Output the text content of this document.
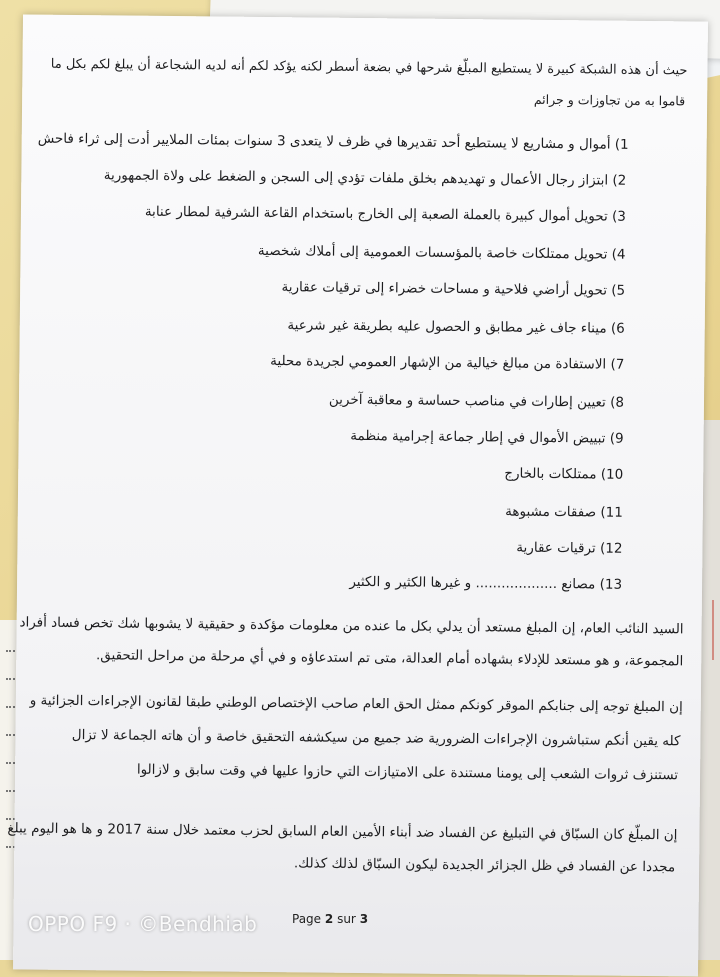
حيث أن هذه الشبكة كبيرة لا يستطيع المبلّغ شرحها في بضعة أسطر لكنه يؤكد لكم أنه لديه الشجاعة أن يبلغ لكم بكل ما
قاموا به من تجاوزات و جرائم
1) أموال و مشاريع لا يستطيع أحد تقديرها في ظرف لا يتعدى 3 سنوات بمئات الملايير أدت إلى ثراء فاحش
2) ابتزاز رجال الأعمال و تهديدهم بخلق ملفات تؤدي إلى السجن و الضغط على ولاة الجمهورية
3) تحويل أموال كبيرة بالعملة الصعبة إلى الخارج باستخدام القاعة الشرفية لمطار عنابة
4) تحويل ممتلكات خاصة بالمؤسسات العمومية إلى أملاك شخصية
5) تحويل أراضي فلاحية و مساحات خضراء إلى ترقيات عقارية
6) ميناء جاف غير مطابق و الحصول عليه بطريقة غير شرعية
7) الاستفادة من مبالغ خيالية من الإشهار العمومي لجريدة محلية
8) تعيين إطارات في مناصب حساسة و معاقبة آخرين
9) تبييض الأموال في إطار جماعة إجرامية منظمة
10) ممتلكات بالخارج
11) صفقات مشبوهة
12) ترقيات عقارية
13) مصانع ................... و غيرها الكثير و الكثير
السيد النائب العام، إن المبلغ مستعد أن يدلي بكل ما عنده من معلومات مؤكدة و حقيقية لا يشوبها شك تخص فساد أفراد
المجموعة، و هو مستعد للإدلاء بشهاده أمام العدالة، متى تم استدعاؤه و في أي مرحلة من مراحل التحقيق.
إن المبلغ توجه إلى جنابكم الموقر كونكم ممثل الحق العام صاحب الإختصاص الوطني طبقا لقانون الإجراءات الجزائية و
كله يقين أنكم ستباشرون الإجراءات الضرورية ضد جميع من سيكشفه التحقيق خاصة و أن هاته الجماعة لا تزال
تستنزف ثروات الشعب إلى يومنا مستندة على الامتيازات التي حازوا عليها في وقت سابق و لازالوا
إن المبلّغ كان السبّاق في التبليغ عن الفساد ضد أبناء الأمين العام السابق لحزب معتمد خلال سنة 2017 و ها هو اليوم يبلغ
مجددا عن الفساد في ظل الجزائر الجديدة ليكون السبّاق لذلك كذلك.
Page 2 sur 3
OPPO F9 · ©Bendhiab
